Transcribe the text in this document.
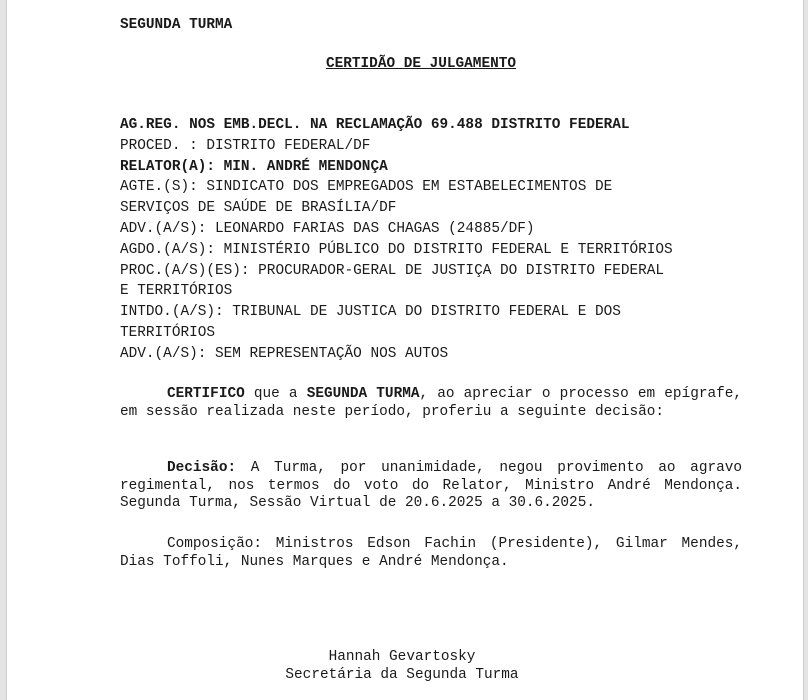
SEGUNDA TURMA
CERTIDÃO DE JULGAMENTO
AG.REG. NOS EMB.DECL. NA RECLAMAÇÃO 69.488 DISTRITO FEDERAL
PROCED. : DISTRITO FEDERAL/DF
RELATOR(A): MIN. ANDRÉ MENDONÇA
AGTE.(S): SINDICATO DOS EMPREGADOS EM ESTABELECIMENTOS DE
SERVIÇOS DE SAÚDE DE BRASÍLIA/DF
ADV.(A/S): LEONARDO FARIAS DAS CHAGAS (24885/DF)
AGDO.(A/S): MINISTÉRIO PÚBLICO DO DISTRITO FEDERAL E TERRITÓRIOS
PROC.(A/S)(ES): PROCURADOR-GERAL DE JUSTIÇA DO DISTRITO FEDERAL
E TERRITÓRIOS
INTDO.(A/S): TRIBUNAL DE JUSTICA DO DISTRITO FEDERAL E DOS
TERRITÓRIOS
ADV.(A/S): SEM REPRESENTAÇÃO NOS AUTOS
CERTIFICO que a SEGUNDA TURMA, ao apreciar o processo em epígrafe, em sessão realizada neste período, proferiu a seguinte decisão:
Decisão: A Turma, por unanimidade, negou provimento ao agravo regimental, nos termos do voto do Relator, Ministro André Mendonça. Segunda Turma, Sessão Virtual de 20.6.2025 a 30.6.2025.
Composição: Ministros Edson Fachin (Presidente), Gilmar Mendes, Dias Toffoli, Nunes Marques e André Mendonça.
Hannah Gevartosky
Secretária da Segunda Turma
